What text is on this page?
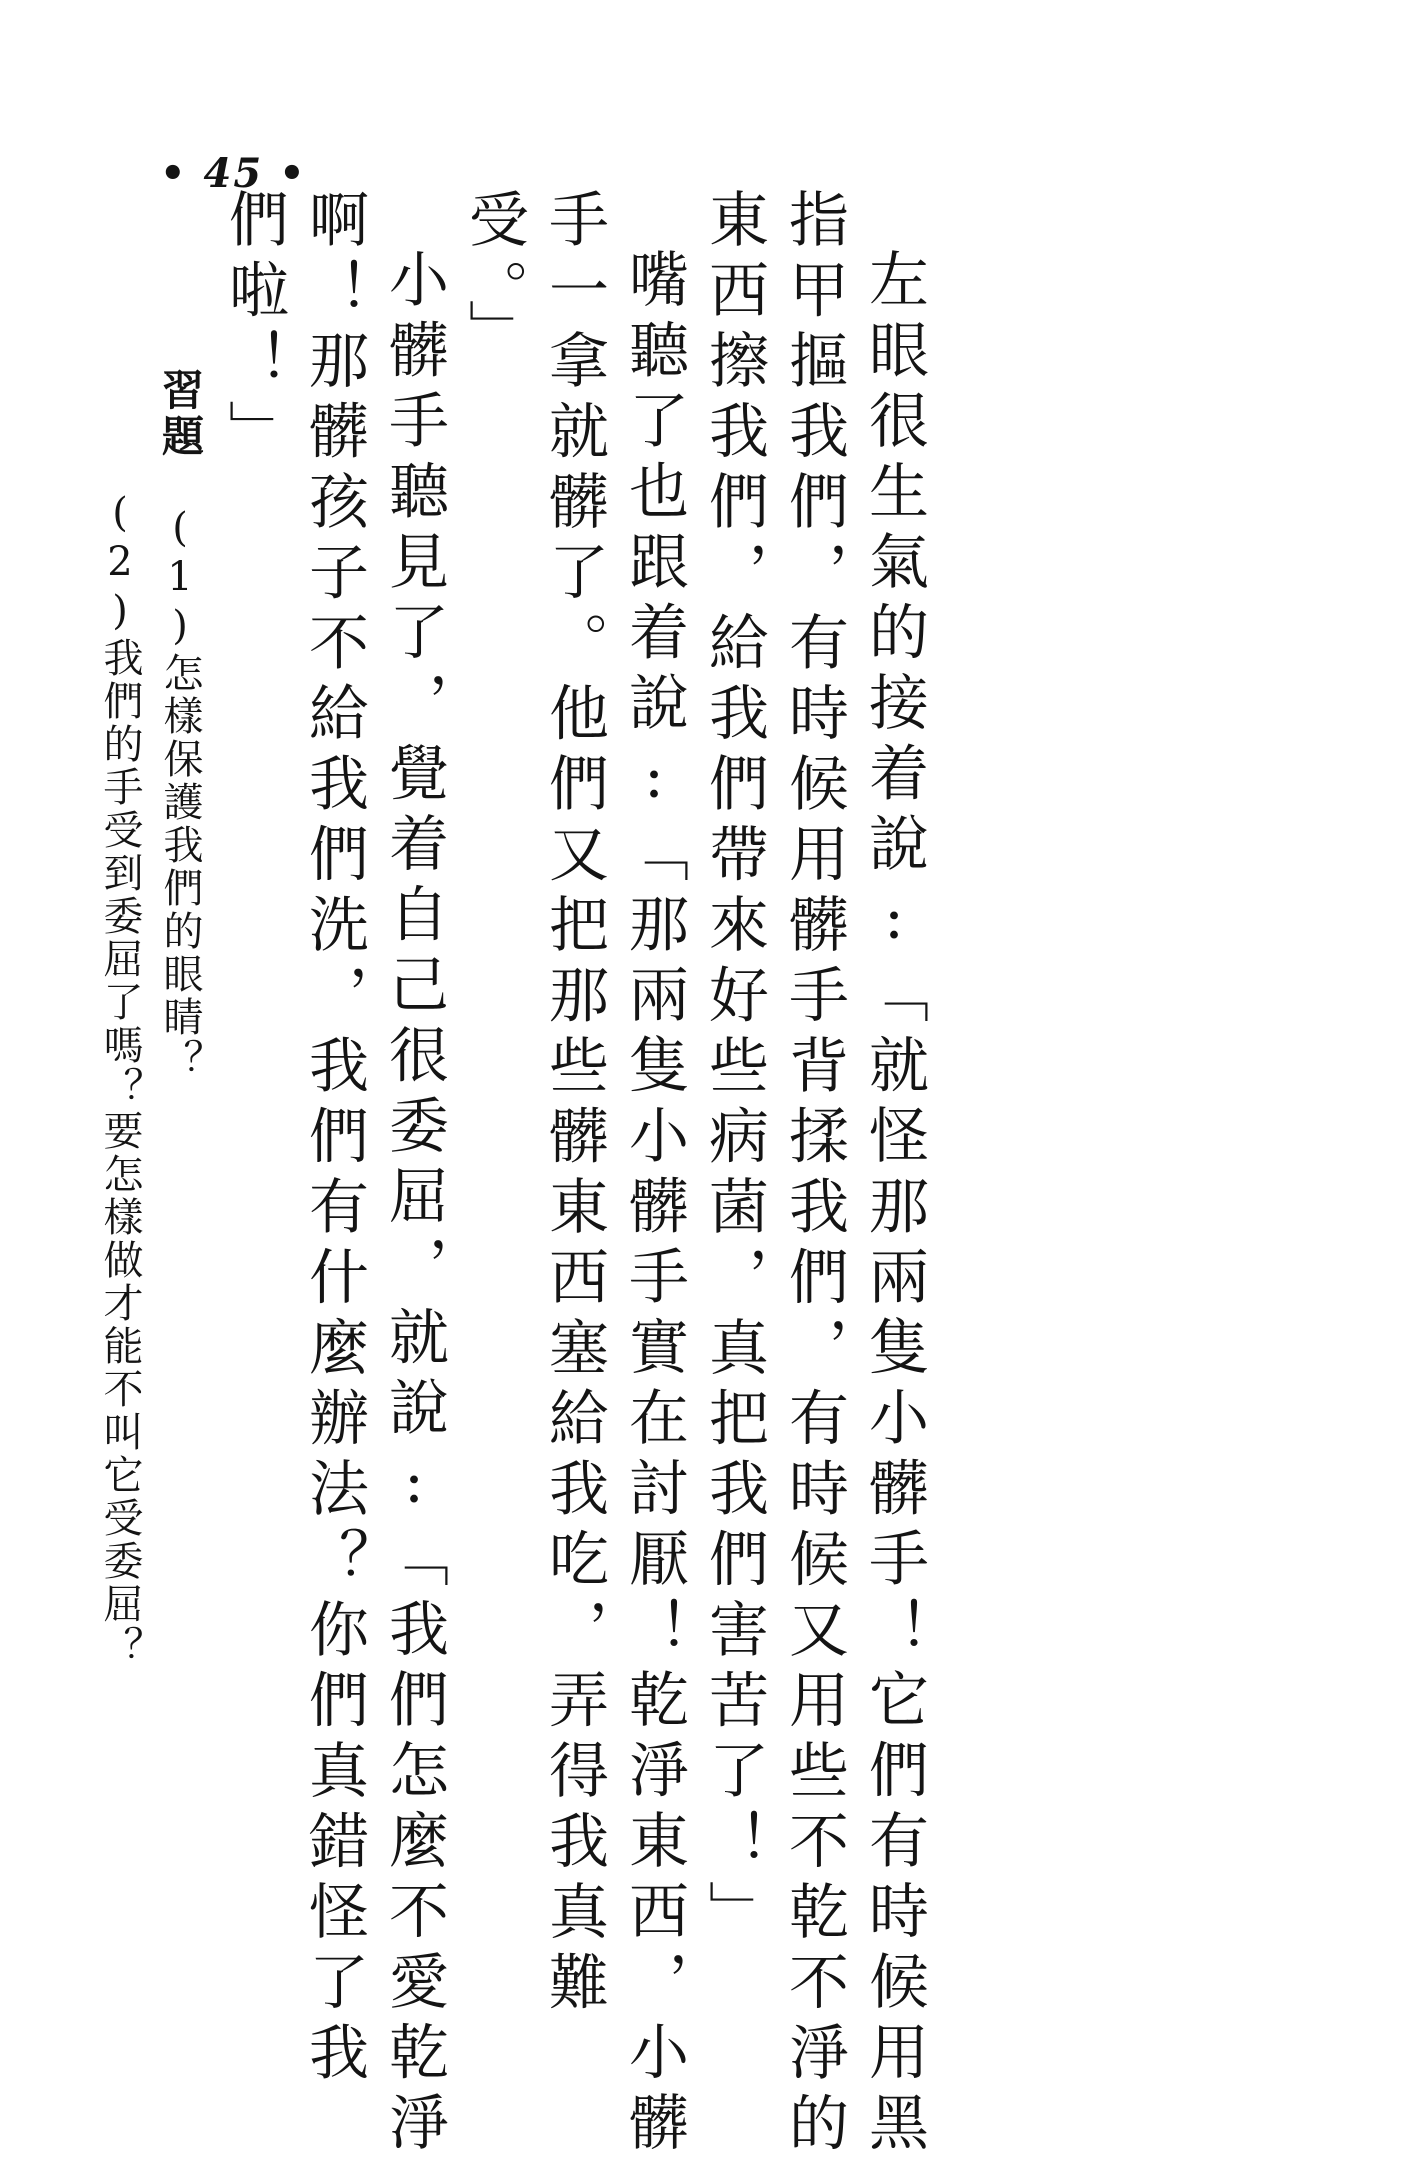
• 45 •
左眼很生氣的接着說:「就怪那兩隻小髒手！它們有時候用黑
指甲摳我們，有時候用髒手背揉我們，有時候又用些不乾不淨的
東西擦我們，給我們帶來好些病菌，真把我們害苦了！」
嘴聽了也跟着說:「那兩隻小髒手實在討厭！乾淨東西，小髒
手一拿就髒了。他們又把那些髒東西塞給我吃，弄得我真難
受。」
小髒手聽見了，覺着自己很委屈，就說:「我們怎麼不愛乾淨
啊！那髒孩子不給我們洗，我們有什麼辦法？你們真錯怪了我
們啦！」
習題
(1)怎樣保護我們的眼睛？
(2)我們的手受到委屈了嗎？要怎樣做才能不叫它受委屈？
